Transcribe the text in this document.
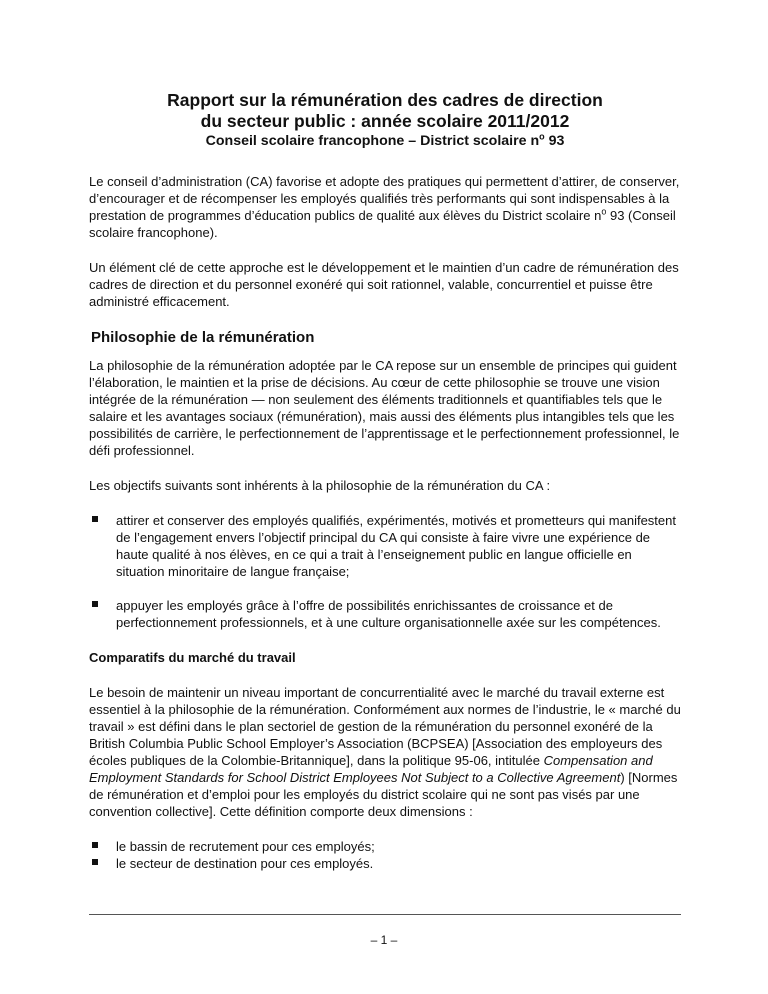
Rapport sur la rémunération des cadres de direction
du secteur public : année scolaire 2011/2012
Conseil scolaire francophone – District scolaire $n^o$ 93

Le conseil d’administration (CA) favorise et adopte des pratiques qui permettent d’attirer, de conserver, d’encourager et de récompenser les employés qualifiés très performants qui sont indispensables à la prestation de programmes d’éducation publics de qualité aux élèves du District scolaire $n^o$ 93 (Conseil scolaire francophone).

Un élément clé de cette approche est le développement et le maintien d’un cadre de rémunération des cadres de direction et du personnel exonéré qui soit rationnel, valable, concurrentiel et puisse être administré efficacement.

Philosophie de la rémunération

La philosophie de la rémunération adoptée par le CA repose sur un ensemble de principes qui guident l’élaboration, le maintien et la prise de décisions. Au cœur de cette philosophie se trouve une vision intégrée de la rémunération — non seulement des éléments traditionnels et quantifiables tels que le salaire et les avantages sociaux (rémunération), mais aussi des éléments plus intangibles tels que les possibilités de carrière, le perfectionnement de l’apprentissage et le perfectionnement professionnel, le défi professionnel.

Les objectifs suivants sont inhérents à la philosophie de la rémunération du CA :

attirer et conserver des employés qualifiés, expérimentés, motivés et prometteurs qui manifestent de l’engagement envers l’objectif principal du CA qui consiste à faire vivre une expérience de haute qualité à nos élèves, en ce qui a trait à l’enseignement public en langue officielle en situation minoritaire de langue française;
appuyer les employés grâce à l’offre de possibilités enrichissantes de croissance et de perfectionnement professionnels, et à une culture organisationnelle axée sur les compétences.
Comparatifs du marché du travail

Le besoin de maintenir un niveau important de concurrentialité avec le marché du travail externe est essentiel à la philosophie de la rémunération. Conformément aux normes de l’industrie, le « marché du travail » est défini dans le plan sectoriel de gestion de la rémunération du personnel exonéré de la British Columbia Public School Employer’s Association (BCPSEA) [Association des employeurs des écoles publiques de la Colombie-Britannique], dans la politique 95-06, intitulée Compensation and Employment Standards for School District Employees Not Subject to a Collective Agreement) [Normes de rémunération et d’emploi pour les employés du district scolaire qui ne sont pas visés par une convention collective]. Cette définition comporte deux dimensions :

le bassin de recrutement pour ces employés;
le secteur de destination pour ces employés.
– 1 –
